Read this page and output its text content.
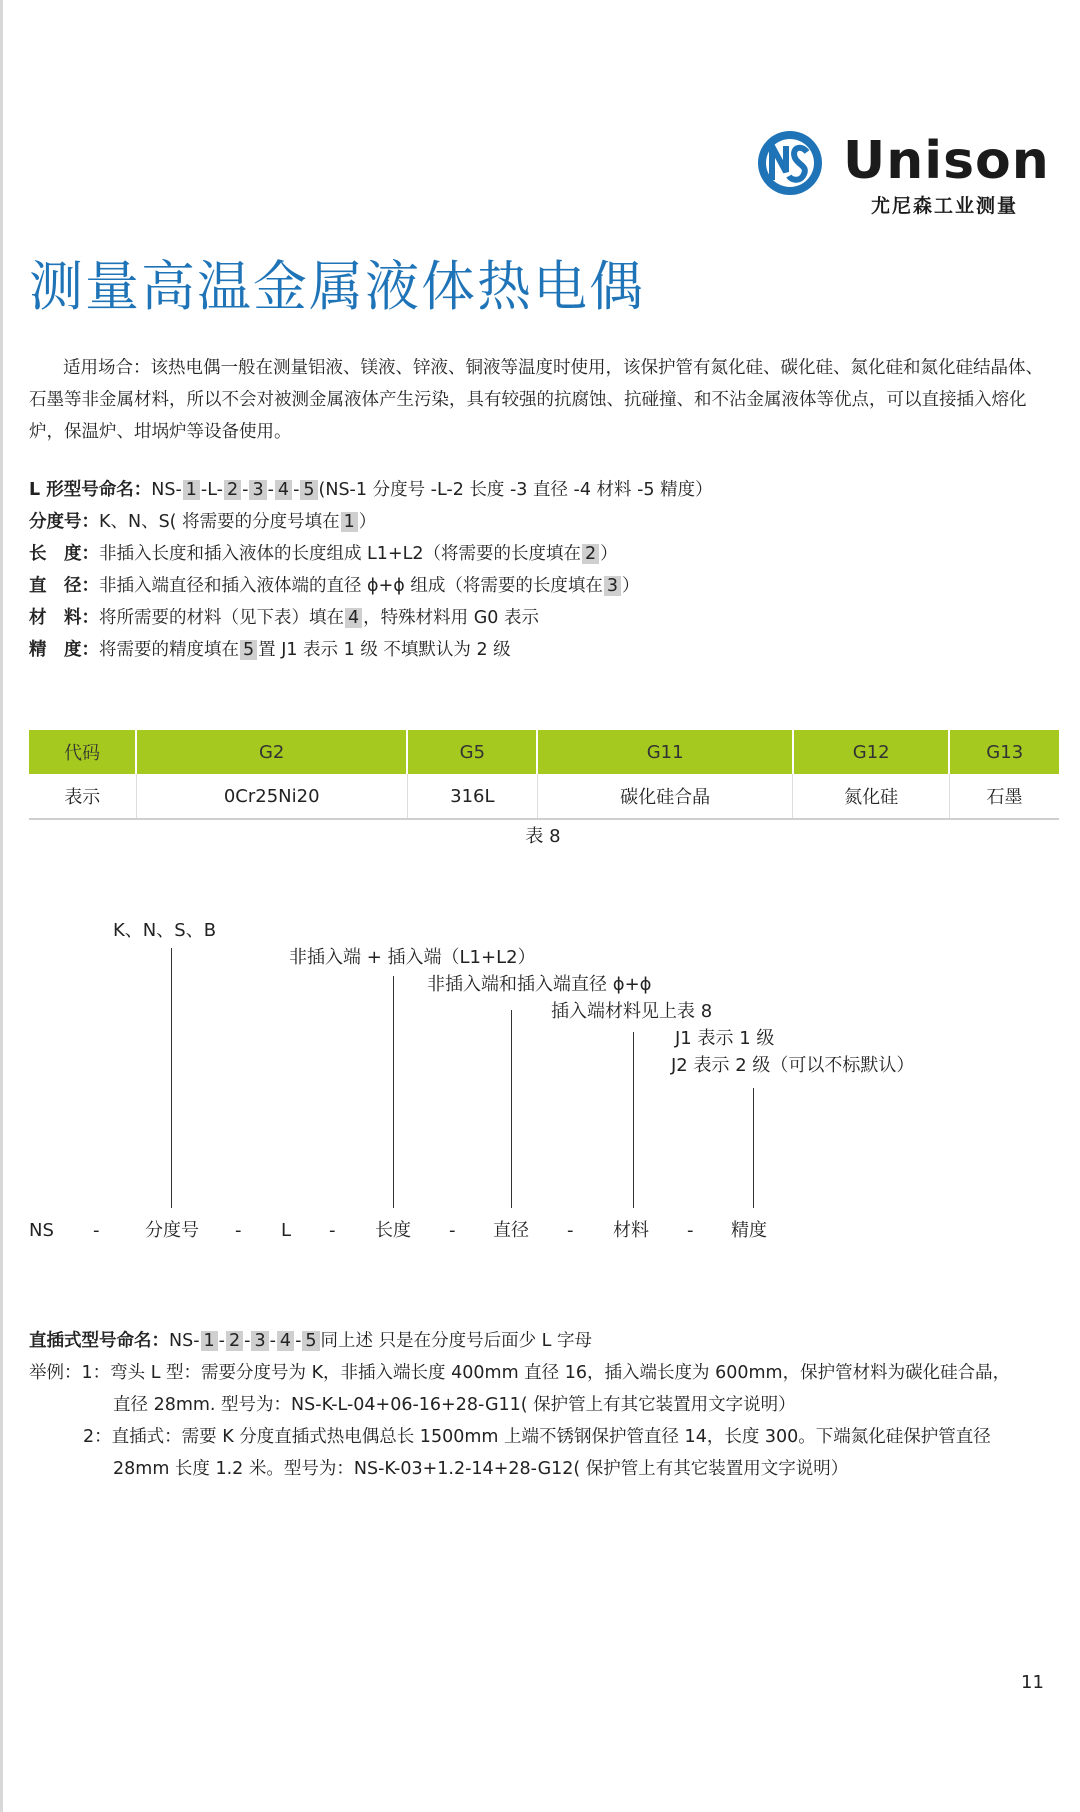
Unison
尤尼森工业测量
测量高温金属液体热电偶
适用场合：该热电偶一般在测量铝液、镁液、锌液、铜液等温度时使用，该保护管有氮化硅、碳化硅、氮化硅和氮化硅结晶体、石墨等非金属材料，所以不会对被测金属液体产生污染，具有较强的抗腐蚀、抗碰撞、和不沾金属液体等优点，可以直接插入熔化炉，保温炉、坩埚炉等设备使用。
L 形型号命名：NS- 1 -L- 2 - 3 - 4 - 5 (NS-1 分度号 -L-2 长度 -3 直径 -4 材料 -5 精度）
分度号：K、N、S( 将需要的分度号填在 1 ）
长　度：非插入长度和插入液体的长度组成 L1+L2（将需要的长度填在 2 ）
直　径：非插入端直径和插入液体端的直径 ϕ+ϕ 组成（将需要的长度填在 3 ）
材　料：将所需要的材料（见下表）填在 4 ，特殊材料用 G0 表示
精　度：将需要的精度填在 5 置 J1 表示 1 级 不填默认为 2 级
代码	G2	G5	G11	G12	G13
表示	0Cr25Ni20	316L	碳化硅合晶	氮化硅	石墨
表 8
K、N、S、B
非插入端 + 插入端（L1+L2）
非插入端和插入端直径 ϕ+ϕ
插入端材料见上表 8
J1 表示 1 级
J2 表示 2 级（可以不标默认）
NS -	分度号 - L - 长度 - 直径 - 材料 - 精度
直插式型号命名：NS- 1 - 2 - 3 - 4 - 5 同上述 只是在分度号后面少 L 字母
举例：1：弯头 L 型：需要分度号为 K，非插入端长度 400mm 直径 16，插入端长度为 600mm，保护管材料为碳化硅合晶，
直径 28mm. 型号为：NS-K-L-04+06-16+28-G11( 保护管上有其它装置用文字说明）
2：直插式：需要 K 分度直插式热电偶总长 1500mm 上端不锈钢保护管直径 14，长度 300。下端氮化硅保护管直径
28mm 长度 1.2 米。型号为：NS-K-03+1.2-14+28-G12( 保护管上有其它装置用文字说明）
11
